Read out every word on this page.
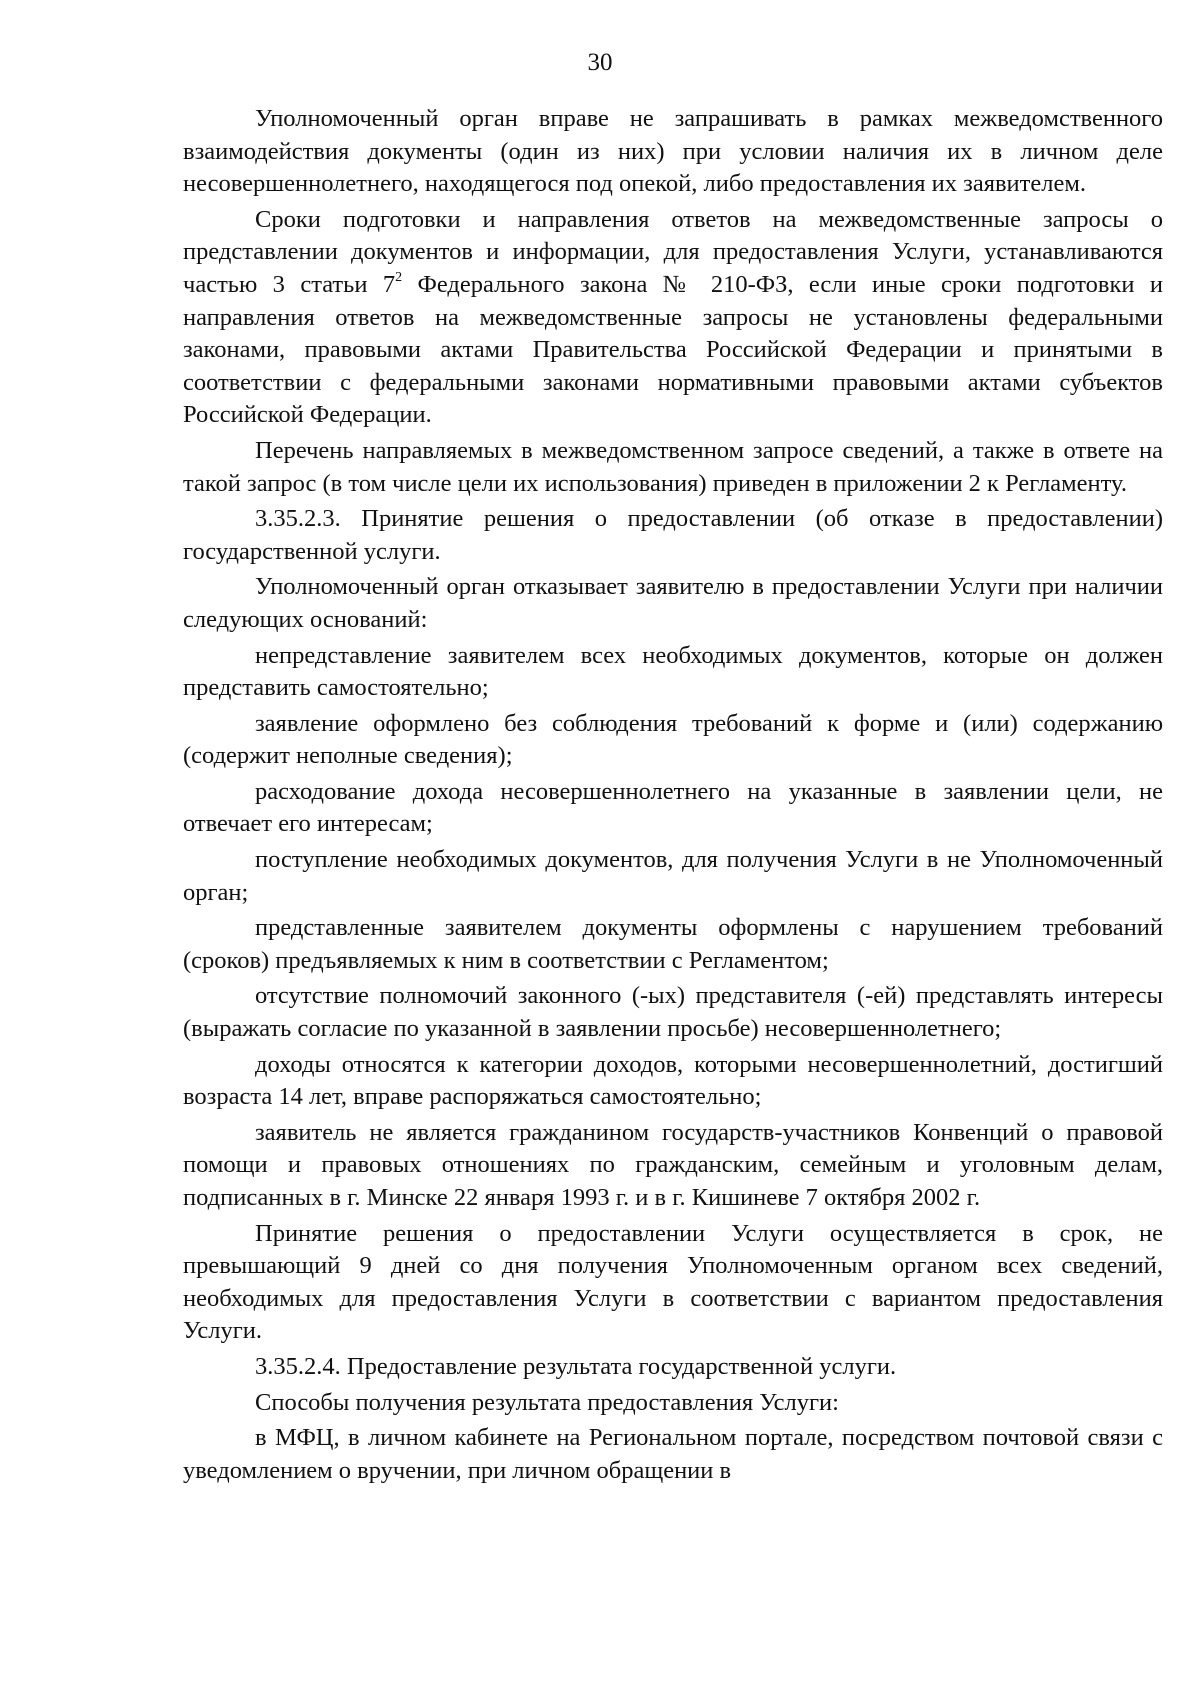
30

Уполномоченный орган вправе не запрашивать в рамках межведомственного взаимодействия документы (один из них) при условии наличия их в личном деле несовершеннолетнего, находящегося под опекой, либо предоставления их заявителем.

Сроки подготовки и направления ответов на межведомственные запросы о представлении документов и информации, для предоставления Услуги, устанавливаются частью 3 статьи $7^2$ Федерального закона № 210-ФЗ, если иные сроки подготовки и направления ответов на межведомственные запросы не установлены федеральными законами, правовыми актами Правительства Российской Федерации и принятыми в соответствии с федеральными законами нормативными правовыми актами субъектов Российской Федерации.

Перечень направляемых в межведомственном запросе сведений, а также в ответе на такой запрос (в том числе цели их использования) приведен в приложении 2 к Регламенту.

3.35.2.3. Принятие решения о предоставлении (об отказе в предоставлении) государственной услуги.

Уполномоченный орган отказывает заявителю в предоставлении Услуги при наличии следующих оснований:

непредставление заявителем всех необходимых документов, которые он должен представить самостоятельно;

заявление оформлено без соблюдения требований к форме и (или) содержанию (содержит неполные сведения);

расходование дохода несовершеннолетнего на указанные в заявлении цели, не отвечает его интересам;

поступление необходимых документов, для получения Услуги в не Уполномоченный орган;

представленные заявителем документы оформлены с нарушением требований (сроков) предъявляемых к ним в соответствии с Регламентом;

отсутствие полномочий законного (-ых) представителя (-ей) представлять интересы (выражать согласие по указанной в заявлении просьбе) несовершеннолетнего;

доходы относятся к категории доходов, которыми несовершеннолетний, достигший возраста 14 лет, вправе распоряжаться самостоятельно;

заявитель не является гражданином государств-участников Конвенций о правовой помощи и правовых отношениях по гражданским, семейным и уголовным делам, подписанных в г. Минске 22 января 1993 г. и в г. Кишиневе 7 октября 2002 г.

Принятие решения о предоставлении Услуги осуществляется в срок, не превышающий 9 дней со дня получения Уполномоченным органом всех сведений, необходимых для предоставления Услуги в соответствии с вариантом предоставления Услуги.

3.35.2.4. Предоставление результата государственной услуги.

Способы получения результата предоставления Услуги:

в МФЦ, в личном кабинете на Региональном портале, посредством почтовой связи с уведомлением о вручении, при личном обращении в
